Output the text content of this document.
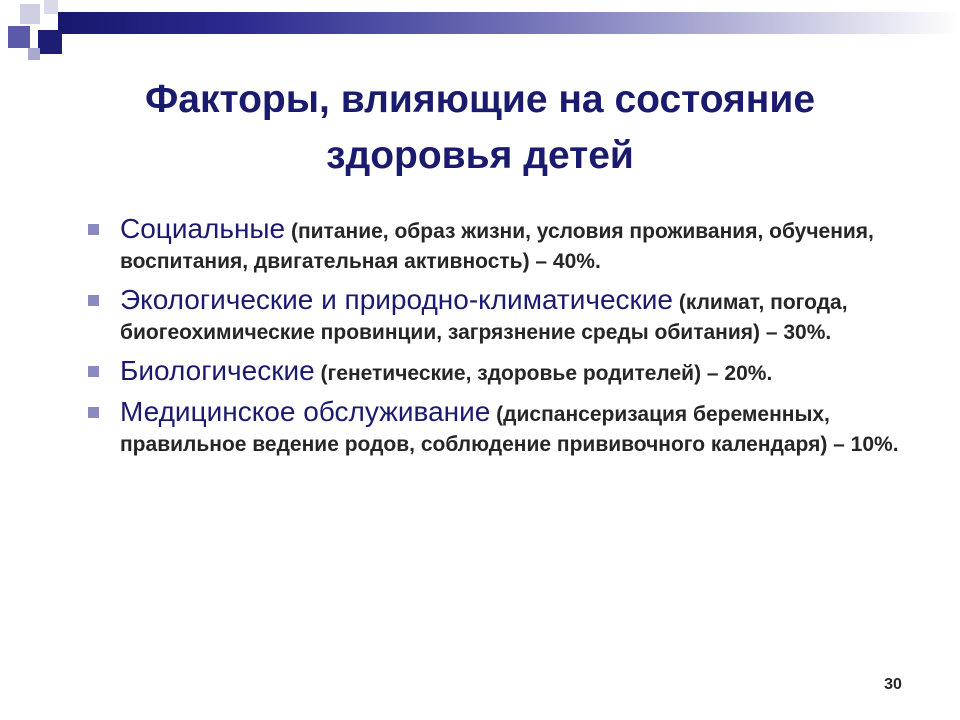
Факторы, влияющие на состояние
здоровья детей
Социальные (питание, образ жизни, условия проживания, обучения, воспитания, двигательная активность) – 40%.
Экологические и природно-климатические (климат, погода, биогеохимические провинции, загрязнение среды обитания) – 30%.
Биологические (генетические, здоровье родителей) – 20%.
Медицинское обслуживание (диспансеризация беременных, правильное ведение родов, соблюдение прививочного календаря) – 10%.
30
